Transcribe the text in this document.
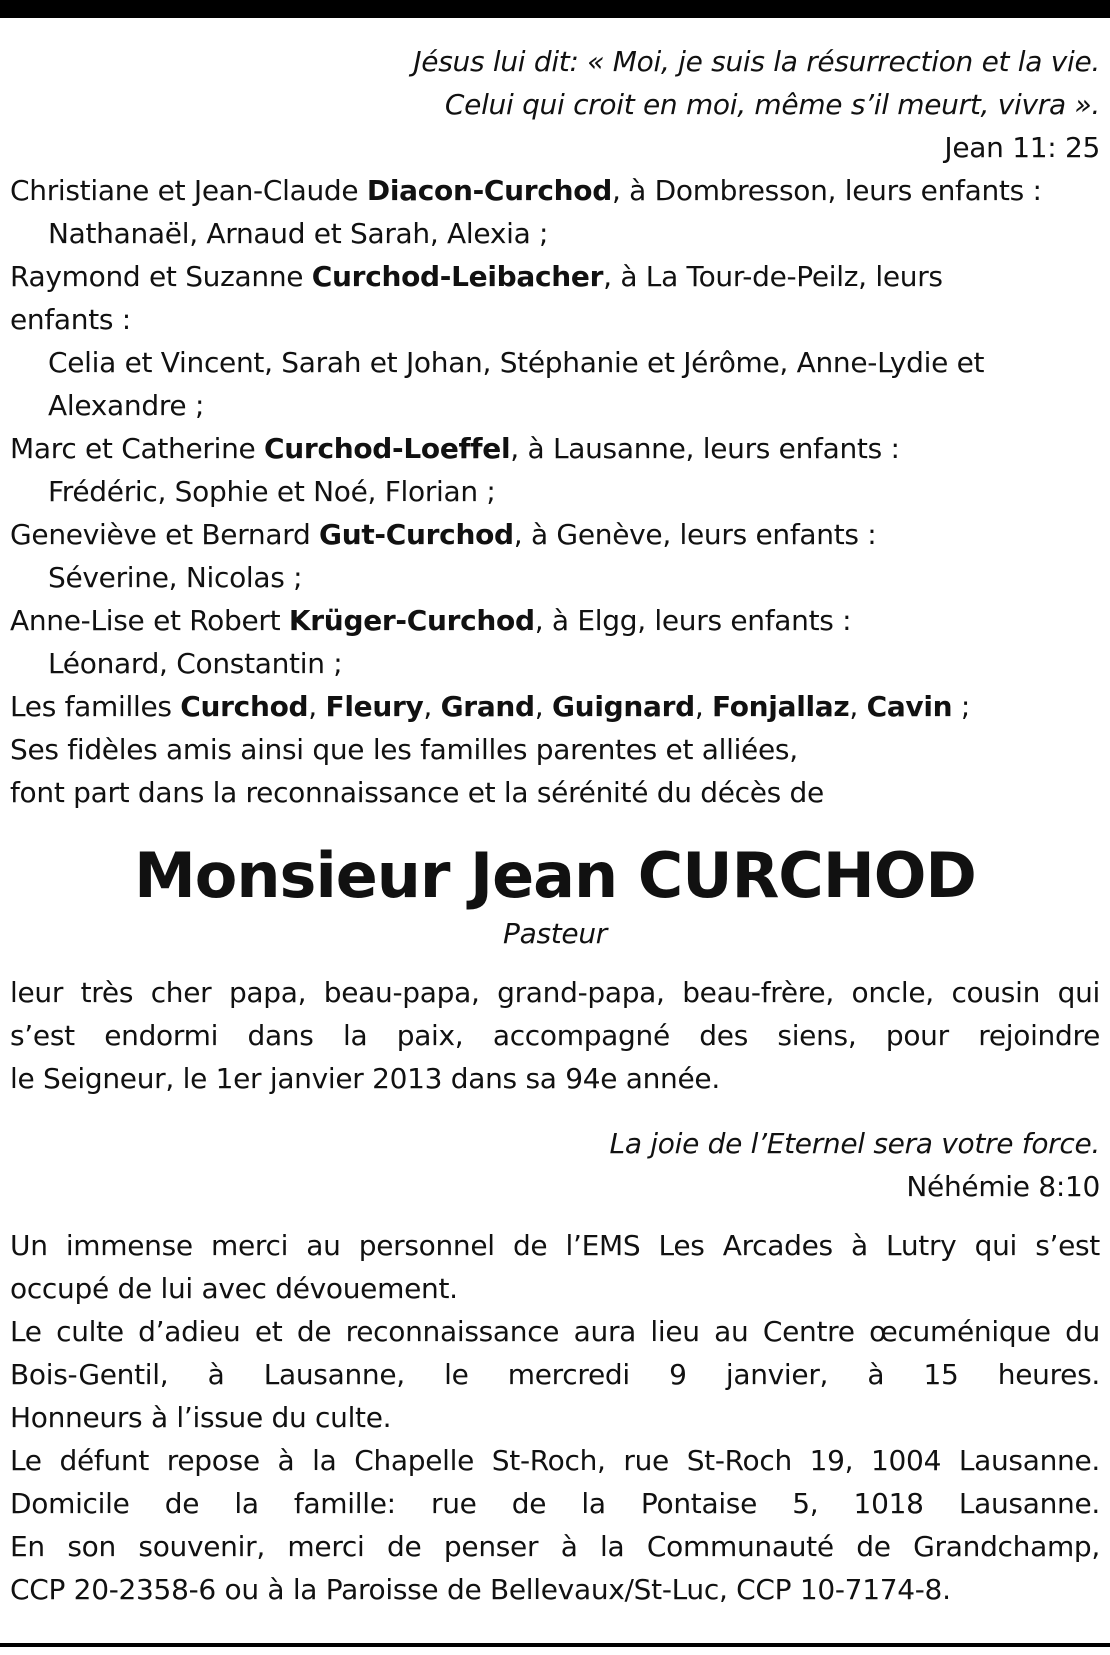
Jésus lui dit: « Moi, je suis la résurrection et la vie.
Celui qui croit en moi, même s’il meurt, vivra ».
Jean 11: 25
Christiane et Jean-Claude Diacon-Curchod, à Dombresson, leurs enfants :
Nathanaël, Arnaud et Sarah, Alexia ;
Raymond et Suzanne Curchod-Leibacher, à La Tour-de-Peilz, leurs
enfants :
Celia et Vincent, Sarah et Johan, Stéphanie et Jérôme, Anne-Lydie et
Alexandre ;
Marc et Catherine Curchod-Loeffel, à Lausanne, leurs enfants :
Frédéric, Sophie et Noé, Florian ;
Geneviève et Bernard Gut-Curchod, à Genève, leurs enfants :
Séverine, Nicolas ;
Anne-Lise et Robert Krüger-Curchod, à Elgg, leurs enfants :
Léonard, Constantin ;
Les familles Curchod, Fleury, Grand, Guignard, Fonjallaz, Cavin ;
Ses fidèles amis ainsi que les familles parentes et alliées,
font part dans la reconnaissance et la sérénité du décès de
Monsieur Jean CURCHOD
Pasteur
leur très cher papa, beau-papa, grand-papa, beau-frère, oncle, cousin qui
s’est endormi dans la paix, accompagné des siens, pour rejoindre
le Seigneur, le 1er janvier 2013 dans sa 94e année.
La joie de l’Eternel sera votre force.
Néhémie 8:10
Un immense merci au personnel de l’EMS Les Arcades à Lutry qui s’est
occupé de lui avec dévouement.
Le culte d’adieu et de reconnaissance aura lieu au Centre œcuménique du
Bois-Gentil, à Lausanne, le mercredi 9 janvier, à 15 heures.
Honneurs à l’issue du culte.
Le défunt repose à la Chapelle St-Roch, rue St-Roch 19, 1004 Lausanne.
Domicile de la famille: rue de la Pontaise 5, 1018 Lausanne.
En son souvenir, merci de penser à la Communauté de Grandchamp,
CCP 20-2358-6 ou à la Paroisse de Bellevaux/St-Luc, CCP 10-7174-8.
